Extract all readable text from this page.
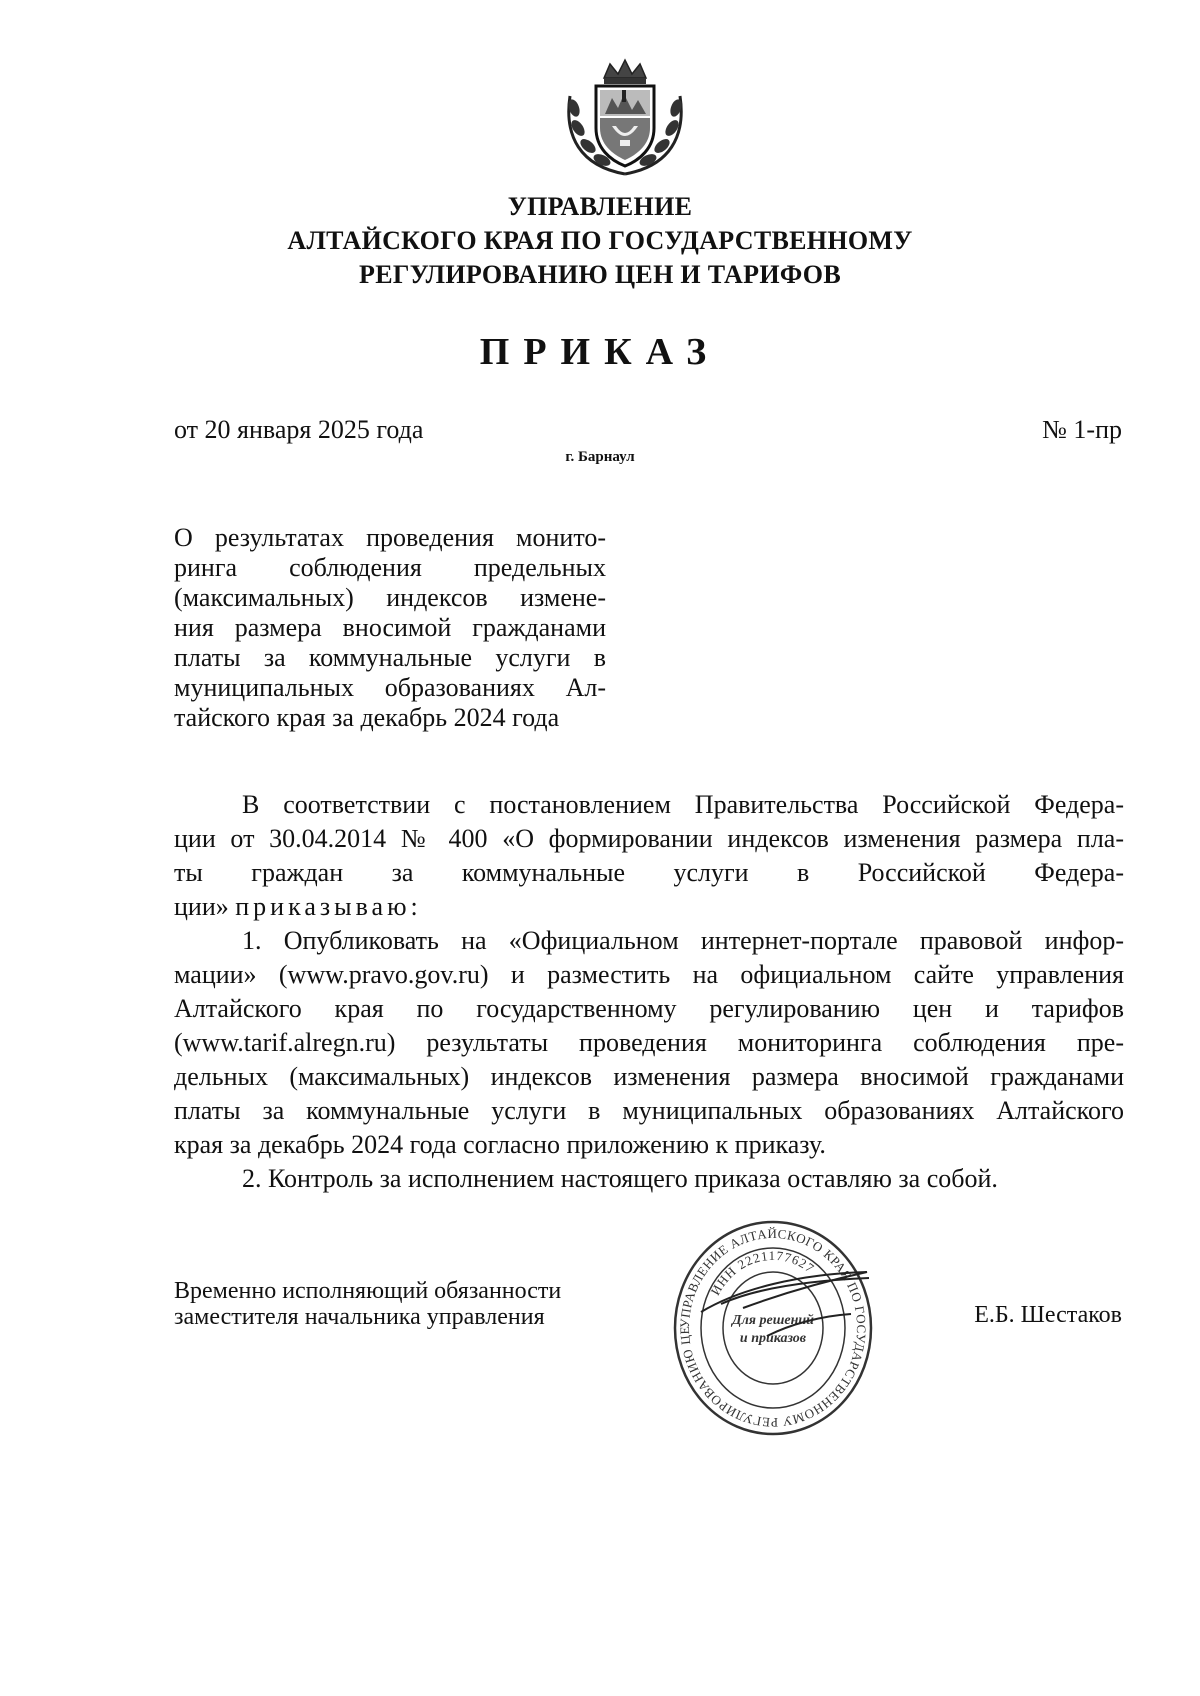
УПРАВЛЕНИЕ
АЛТАЙСКОГО КРАЯ ПО ГОСУДАРСТВЕННОМУ
РЕГУЛИРОВАНИЮ ЦЕН И ТАРИФОВ
ПРИКАЗ
от 20 января 2025 года	№ 1-пр
г. Барнаул
О результатах проведения монито-
ринга соблюдения предельных
(максимальных) индексов измене-
ния размера вносимой гражданами
платы за коммунальные услуги в
муниципальных образованиях Ал-
тайского края за декабрь 2024 года
В соответствии с постановлением Правительства Российской Федера-
ции от 30.04.2014 № 400 «О формировании индексов изменения размера пла-
ты граждан за коммунальные услуги в Российской Федера-
ции» приказываю:
1. Опубликовать на «Официальном интернет-портале правовой инфор-
мации» (www.pravo.gov.ru) и разместить на официальном сайте управления
Алтайского края по государственному регулированию цен и тарифов
(www.tarif.alregn.ru) результаты проведения мониторинга соблюдения пре-
дельных (максимальных) индексов изменения размера вносимой гражданами
платы за коммунальные услуги в муниципальных образованиях Алтайского
края за декабрь 2024 года согласно приложению к приказу.
2. Контроль за исполнением настоящего приказа оставляю за собой.
Временно исполняющий обязанности
заместителя начальника управления	Е.Б. Шестаков
УПРАВЛЕНИЕ АЛТАЙСКОГО КРАЯ ПО ГОСУДАРСТВЕННОМУ РЕГУЛИРОВАНИЮ ЦЕ
ИНН 2221177627
Для решений
и приказов
